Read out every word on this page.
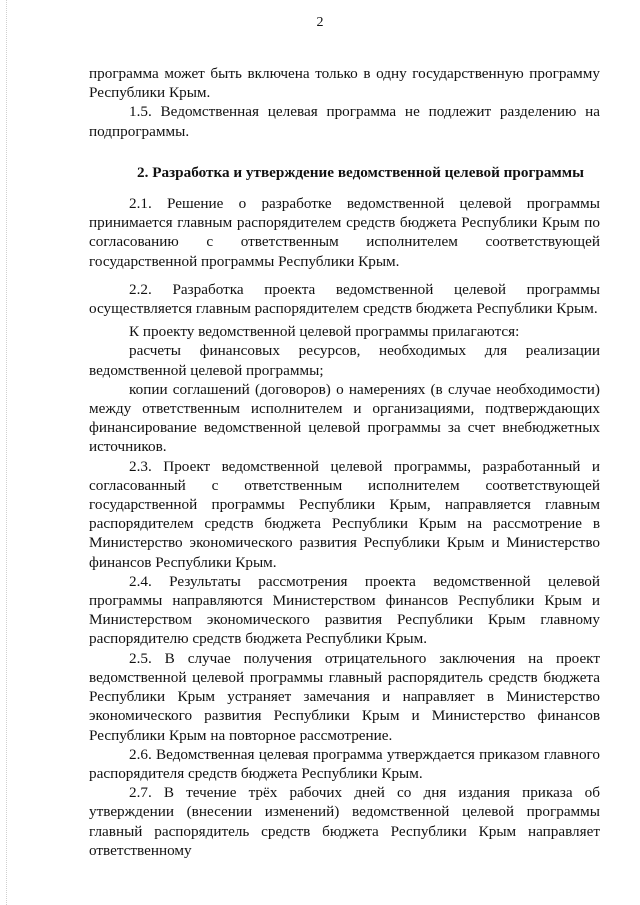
2

программа может быть включена только в одну государственную программу Республики Крым.

1.5. Ведомственная целевая программа не подлежит разделению на подпрограммы.

2. Разработка и утверждение ведомственной целевой программы

2.1. Решение о разработке ведомственной целевой программы принимается главным распорядителем средств бюджета Республики Крым по согласованию с ответственным исполнителем соответствующей государственной программы Республики Крым.

2.2. Разработка проекта ведомственной целевой программы осуществляется главным распорядителем средств бюджета Республики Крым.

К проекту ведомственной целевой программы прилагаются:

расчеты финансовых ресурсов, необходимых для реализации ведомственной целевой программы;

копии соглашений (договоров) о намерениях (в случае необходимости) между ответственным исполнителем и организациями, подтверждающих финансирование ведомственной целевой программы за счет внебюджетных источников.

2.3. Проект ведомственной целевой программы, разработанный и согласованный с ответственным исполнителем соответствующей государственной программы Республики Крым, направляется главным распорядителем средств бюджета Республики Крым на рассмотрение в Министерство экономического развития Республики Крым и Министерство финансов Республики Крым.

2.4. Результаты рассмотрения проекта ведомственной целевой программы направляются Министерством финансов Республики Крым и Министерством экономического развития Республики Крым главному распорядителю средств бюджета Республики Крым.

2.5. В случае получения отрицательного заключения на проект ведомственной целевой программы главный распорядитель средств бюджета Республики Крым устраняет замечания и направляет в Министерство экономического развития Республики Крым и Министерство финансов Республики Крым на повторное рассмотрение.

2.6. Ведомственная целевая программа утверждается приказом главного распорядителя средств бюджета Республики Крым.

2.7. В течение трёх рабочих дней со дня издания приказа об утверждении (внесении изменений) ведомственной целевой программы главный распорядитель средств бюджета Республики Крым направляет ответственному
